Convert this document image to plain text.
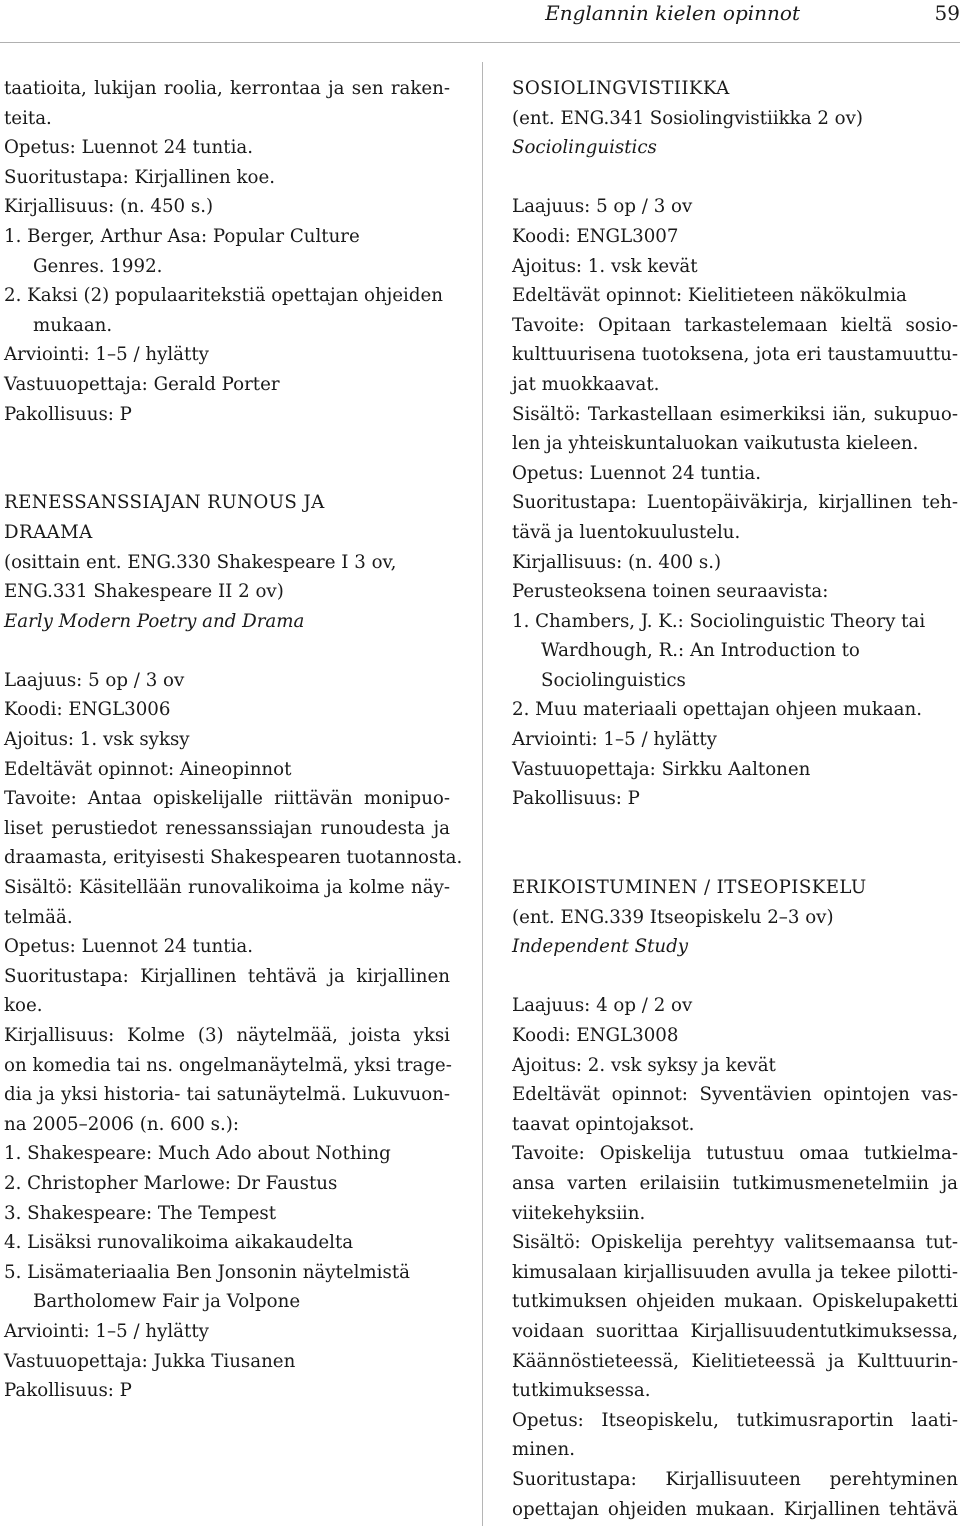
Englannin kielen opinnot	59
taatioita, lukijan roolia, kerrontaa ja sen raken-
teita.
Opetus: Luennot 24 tuntia.
Suoritustapa: Kirjallinen koe.
Kirjallisuus: (n. 450 s.)
1. Berger, Arthur Asa: Popular Culture
Genres. 1992.
2. Kaksi (2) populaaritekstiä opettajan ohjeiden
mukaan.
Arviointi: 1–5 / hylätty
Vastuuopettaja: Gerald Porter
Pakollisuus: P
RENESSANSSIAJAN RUNOUS JA
DRAAMA
(osittain ent. ENG.330 Shakespeare I 3 ov,
ENG.331 Shakespeare II 2 ov)
Early Modern Poetry and Drama
Laajuus: 5 op / 3 ov
Koodi: ENGL3006
Ajoitus: 1. vsk syksy
Edeltävät opinnot: Aineopinnot
Tavoite: Antaa opiskelijalle riittävän monipuo-
liset perustiedot renessanssiajan runoudesta ja
draamasta, erityisesti Shakespearen tuotannosta.
Sisältö: Käsitellään runovalikoima ja kolme näy-
telmää.
Opetus: Luennot 24 tuntia.
Suoritustapa: Kirjallinen tehtävä ja kirjallinen
koe.
Kirjallisuus: Kolme (3) näytelmää, joista yksi
on komedia tai ns. ongelmanäytelmä, yksi trage-
dia ja yksi historia- tai satunäytelmä. Lukuvuon-
na 2005–2006 (n. 600 s.):
1. Shakespeare: Much Ado about Nothing
2. Christopher Marlowe: Dr Faustus
3. Shakespeare: The Tempest
4. Lisäksi runovalikoima aikakaudelta
5. Lisämateriaalia Ben Jonsonin näytelmistä
Bartholomew Fair ja Volpone
Arviointi: 1–5 / hylätty
Vastuuopettaja: Jukka Tiusanen
Pakollisuus: P
SOSIOLINGVISTIIKKA
(ent. ENG.341 Sosiolingvistiikka 2 ov)
Sociolinguistics
Laajuus: 5 op / 3 ov
Koodi: ENGL3007
Ajoitus: 1. vsk kevät
Edeltävät opinnot: Kielitieteen näkökulmia
Tavoite: Opitaan tarkastelemaan kieltä sosio-
kulttuurisena tuotoksena, jota eri taustamuuttu-
jat muokkaavat.
Sisältö: Tarkastellaan esimerkiksi iän, sukupuo-
len ja yhteiskuntaluokan vaikutusta kieleen.
Opetus: Luennot 24 tuntia.
Suoritustapa: Luentopäiväkirja, kirjallinen teh-
tävä ja luentokuulustelu.
Kirjallisuus: (n. 400 s.)
Perusteoksena toinen seuraavista:
1. Chambers, J. K.: Sociolinguistic Theory tai
Wardhough, R.: An Introduction to
Sociolinguistics
2. Muu materiaali opettajan ohjeen mukaan.
Arviointi: 1–5 / hylätty
Vastuuopettaja: Sirkku Aaltonen
Pakollisuus: P
ERIKOISTUMINEN / ITSEOPISKELU
(ent. ENG.339 Itseopiskelu 2–3 ov)
Independent Study
Laajuus: 4 op / 2 ov
Koodi: ENGL3008
Ajoitus: 2. vsk syksy ja kevät
Edeltävät opinnot: Syventävien opintojen vas-
taavat opintojaksot.
Tavoite: Opiskelija tutustuu omaa tutkielma-
ansa varten erilaisiin tutkimusmenetelmiin ja
viitekehyksiin.
Sisältö: Opiskelija perehtyy valitsemaansa tut-
kimusalaan kirjallisuuden avulla ja tekee pilotti-
tutkimuksen ohjeiden mukaan. Opiskelupaketti
voidaan suorittaa Kirjallisuudentutkimuksessa,
Käännöstieteessä, Kielitieteessä ja Kulttuurin-
tutkimuksessa.
Opetus: Itseopiskelu, tutkimusraportin laati-
minen.
Suoritustapa: Kirjallisuuteen perehtyminen
opettajan ohjeiden mukaan. Kirjallinen tehtävä
